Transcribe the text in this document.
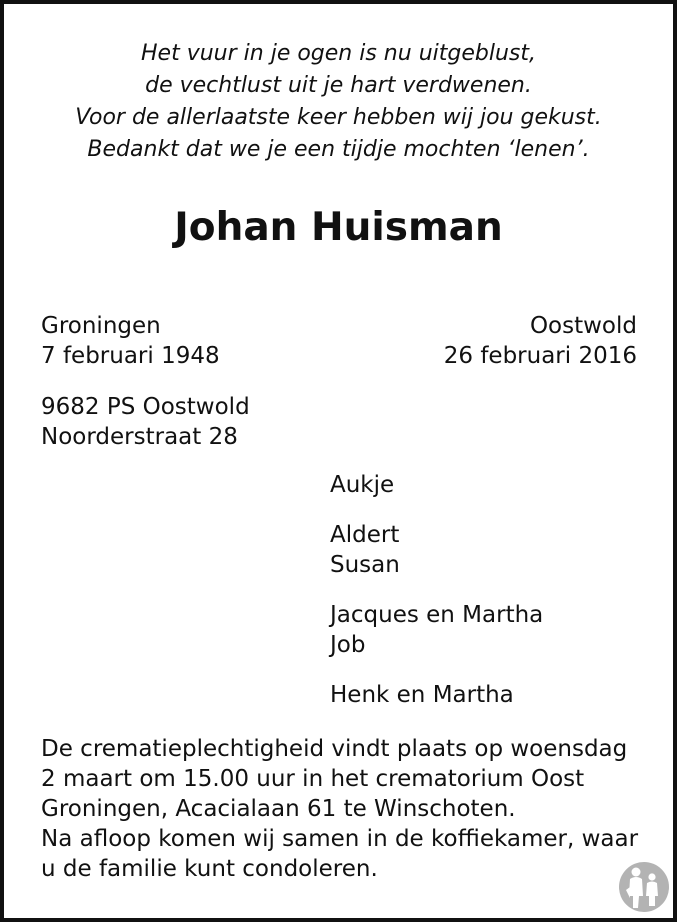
Het vuur in je ogen is nu uitgeblust,
de vechtlust uit je hart verdwenen.
Voor de allerlaatste keer hebben wij jou gekust.
Bedankt dat we je een tijdje mochten ‘lenen’.
Johan Huisman
Groningen
7 februari 1948
Oostwold
26 februari 2016
9682 PS Oostwold
Noorderstraat 28
Aukje
Aldert
Susan
Jacques en Martha
Job
Henk en Martha
De crematieplechtigheid vindt plaats op woensdag
2 maart om 15.00 uur in het crematorium Oost
Groningen, Acacialaan 61 te Winschoten.
Na afloop komen wij samen in de koffiekamer, waar
u de familie kunt condoleren.
